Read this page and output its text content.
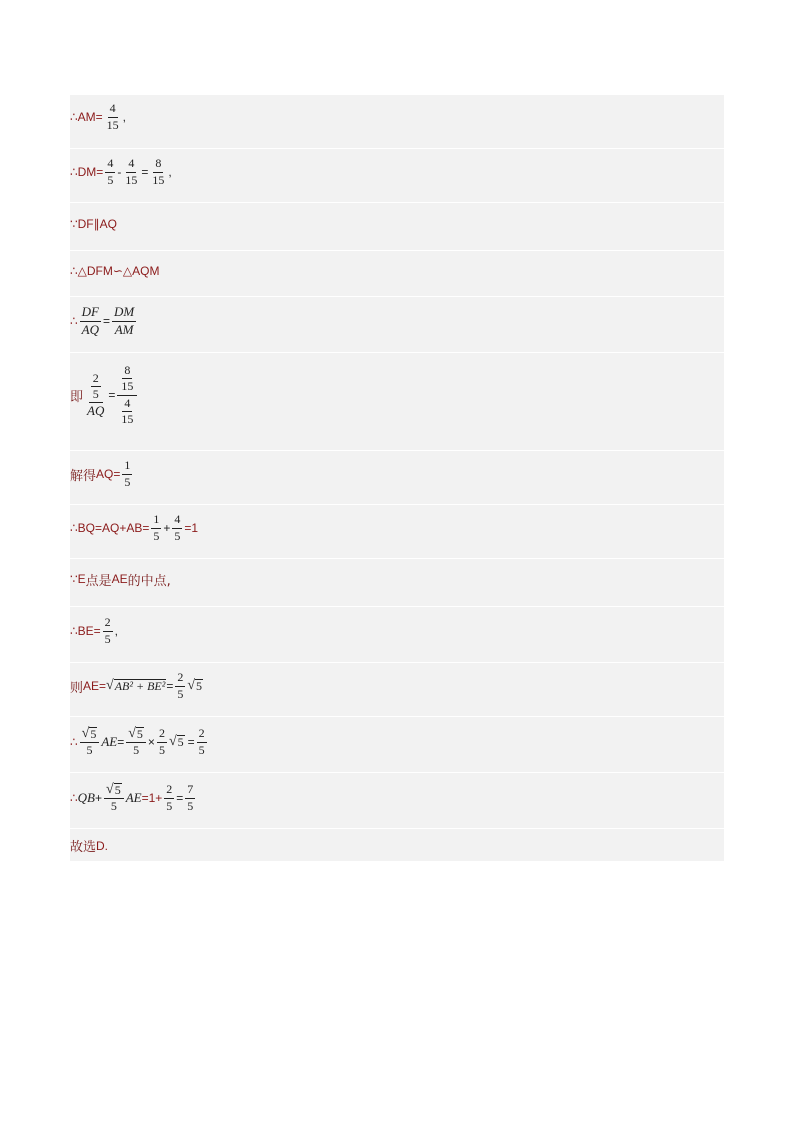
∴AM= $\frac{4}{15}$ ,
∴DM= $\frac{4}{5} - \frac{4}{15} = \frac{8}{15}$ ,
∵DF∥AQ
∴△DFM∽△AQM
∴ $\frac{DF}{AQ} = \frac{DM}{AM}$
即 $\frac{\frac{2}{5}}{AQ} = \frac{\frac{8}{15}}{\frac{4}{15}}$
解得 $AQ= \frac{1}{5}$
∴BQ=AQ+AB= $\frac{1}{5} + \frac{4}{5} =1$
∵E 点是 AE 的中点,
∴BE= $\frac{2}{5}$ ,
则 AE= √ $AB^2 + BE^2 = \frac{2}{5}$ √ 5
∴ $\frac{√ 5}{5}$ AE = $\frac{√ 5}{5} \times \frac{2}{5}$ √ $5 = \frac{2}{5}$
∴ QB + $\frac{√ 5}{5}$ AE $=1+ \frac{2}{5} = \frac{7}{5}$
故选 D.
